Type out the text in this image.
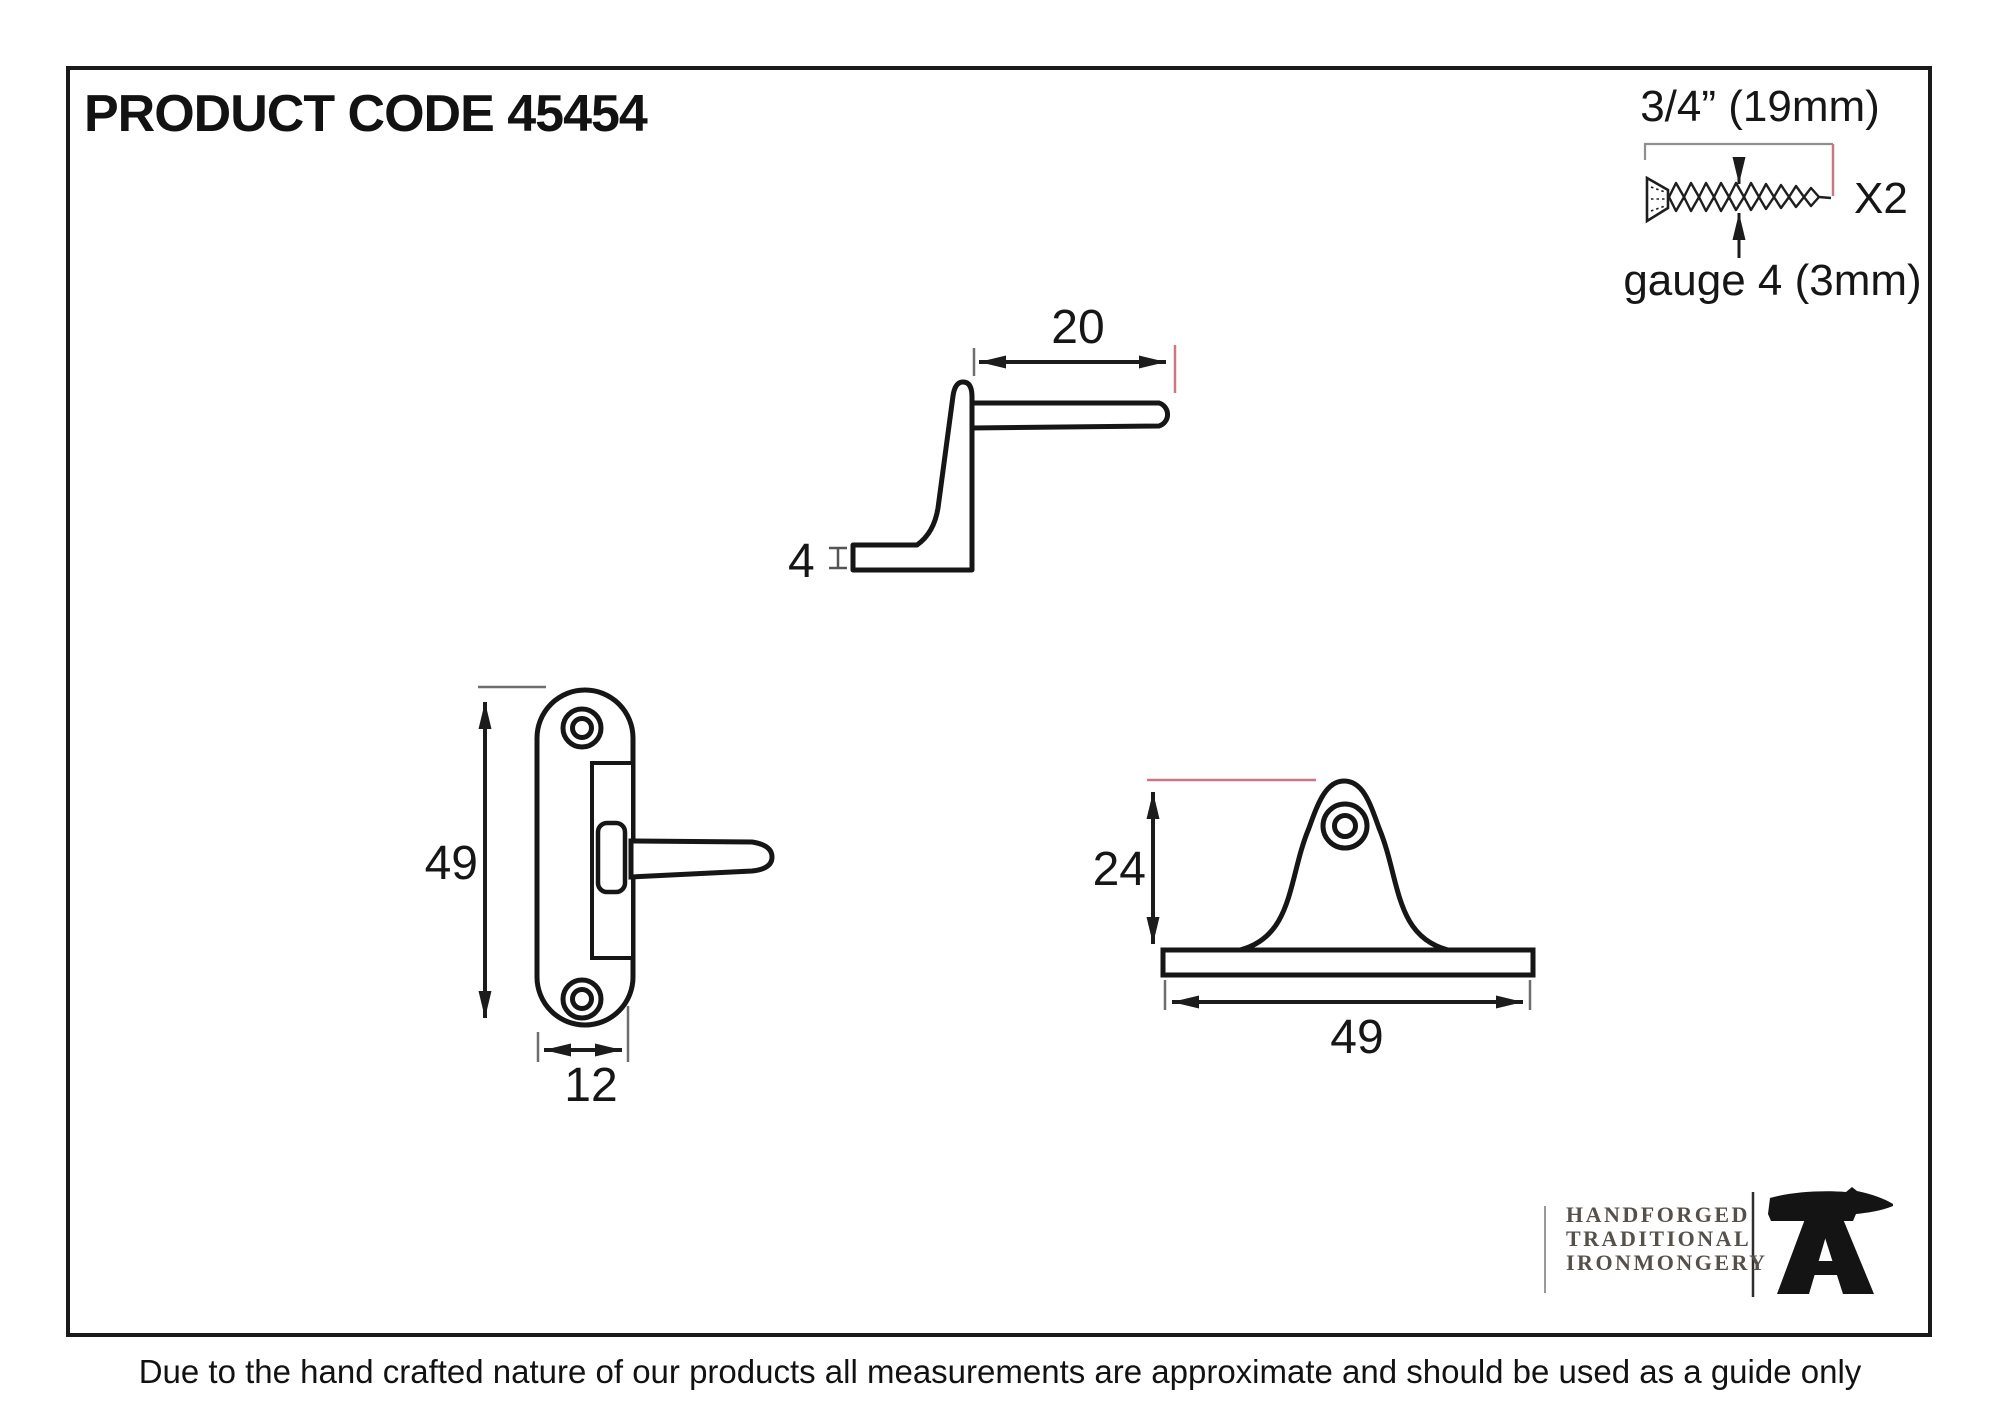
PRODUCT CODE 45454
20
4
49
12
24
49
3/4” (19mm)
X2
gauge 4 (3mm)
HANDFORGED
TRADITIONAL
IRONMONGERY
Due to the hand crafted nature of our products all measurements are approximate and should be used as a guide only
